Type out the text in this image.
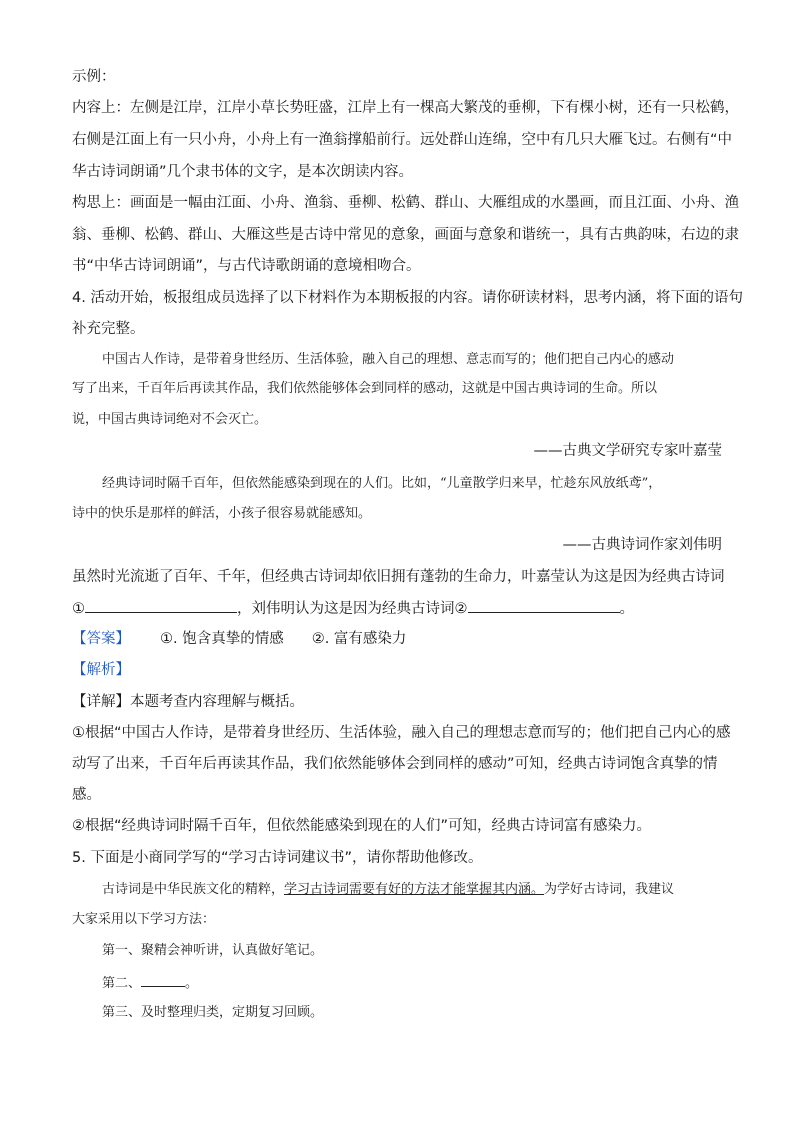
示例：
内容上：左侧是江岸，江岸小草长势旺盛，江岸上有一棵高大繁茂的垂柳，下有棵小树，还有一只松鹤，
右侧是江面上有一只小舟，小舟上有一渔翁撑船前行。远处群山连绵，空中有几只大雁飞过。右侧有“中
华古诗词朗诵”几个隶书体的文字，是本次朗读内容。
构思上：画面是一幅由江面、小舟、渔翁、垂柳、松鹤、群山、大雁组成的水墨画，而且江面、小舟、渔
翁、垂柳、松鹤、群山、大雁这些是古诗中常见的意象，画面与意象和谐统一，具有古典韵味，右边的隶
书“中华古诗词朗诵”，与古代诗歌朗诵的意境相吻合。
4. 活动开始，板报组成员选择了以下材料作为本期板报的内容。请你研读材料，思考内涵，将下面的语句
补充完整。
中国古人作诗，是带着身世经历、生活体验，融入自己的理想、意志而写的；他们把自己内心的感动
写了出来，千百年后再读其作品，我们依然能够体会到同样的感动，这就是中国古典诗词的生命。所以
说，中国古典诗词绝对不会灭亡。
——古典文学研究专家叶嘉莹
经典诗词时隔千百年，但依然能感染到现在的人们。比如，“儿童散学归来早，忙趁东风放纸鸢”，
诗中的快乐是那样的鲜活，小孩子很容易就能感知。
——古典诗词作家刘伟明
虽然时光流逝了百年、千年，但经典古诗词却依旧拥有蓬勃的生命力，叶嘉莹认为这是因为经典古诗词
①	，刘伟明认为这是因为经典古诗词②	。
【答案】 ①. 饱含真挚的情感 ②. 富有感染力
【解析】
【详解】本题考查内容理解与概括。
①根据“中国古人作诗，是带着身世经历、生活体验，融入自己的理想志意而写的；他们把自己内心的感
动写了出来，千百年后再读其作品，我们依然能够体会到同样的感动”可知，经典古诗词饱含真挚的情
感。
②根据“经典诗词时隔千百年，但依然能感染到现在的人们”可知，经典古诗词富有感染力。
5. 下面是小商同学写的“学习古诗词建议书”，请你帮助他修改。
古诗词是中华民族文化的精粹，学习古诗词需要有好的方法才能掌握其内涵。为学好古诗词，我建议
大家采用以下学习方法：
第一、聚精会神听讲，认真做好笔记。
第二、	。
第三、及时整理归类，定期复习回顾。
